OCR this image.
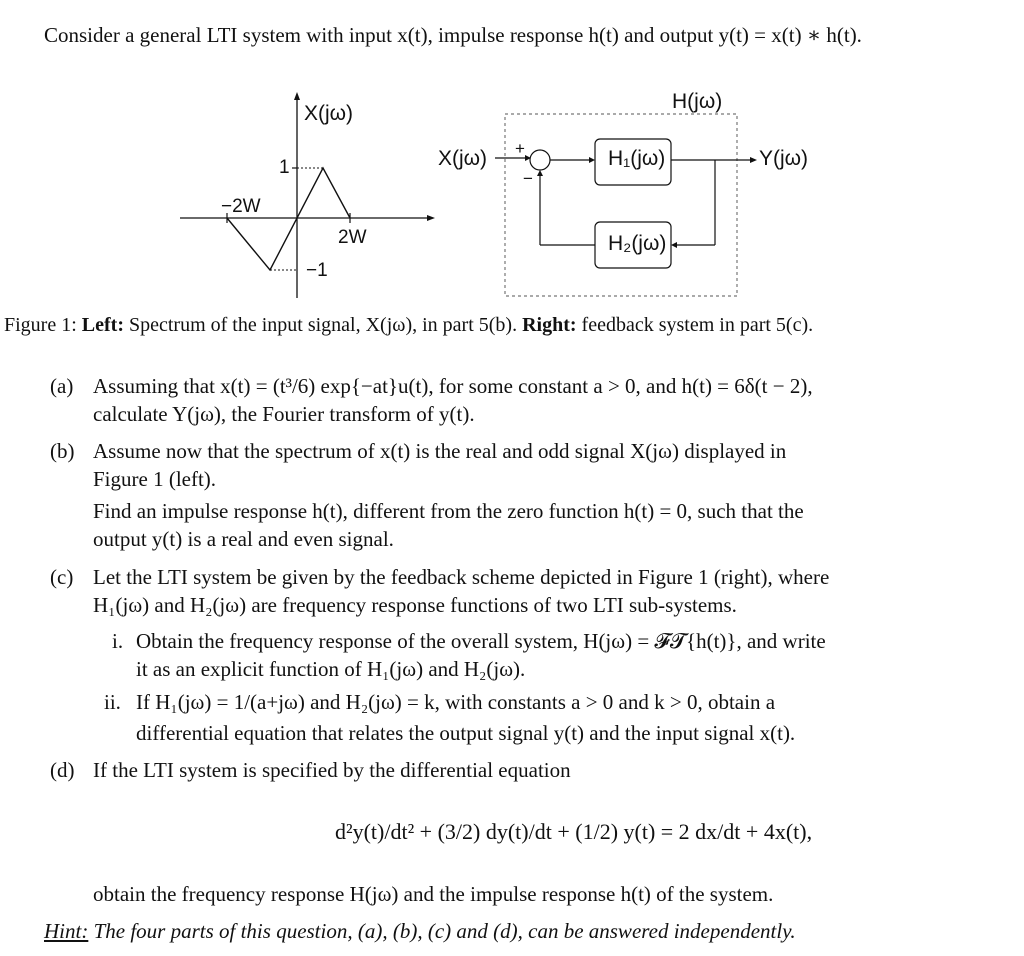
Consider a general LTI system with input x(t), impulse response h(t) and output y(t) = x(t) ∗ h(t).
X(jω)
1
−1
2W
−2W
H(jω)
X(jω)	Y(jω)
H₁(jω)
H₂(jω)
+
−
Figure 1: Left: Spectrum of the input signal, X(jω), in part 5(b). Right: feedback system in part 5(c).
(a) Assuming that x(t) = (t³/6) exp{−at}u(t), for some constant a > 0, and h(t) = 6δ(t − 2),
calculate Y(jω), the Fourier transform of y(t).
(b) Assume now that the spectrum of x(t) is the real and odd signal X(jω) displayed in
Figure 1 (left).
Find an impulse response h(t), different from the zero function h(t) = 0, such that the
output y(t) is a real and even signal.
(c) Let the LTI system be given by the feedback scheme depicted in Figure 1 (right), where
H₁(jω) and H₂(jω) are frequency response functions of two LTI sub-systems.
i. Obtain the frequency response of the overall system, H(jω) = 𝓕𝓣{h(t)}, and write
it as an explicit function of H₁(jω) and H₂(jω).
ii. If H₁(jω) = 1/(a+jω) and H₂(jω) = k, with constants a > 0 and k > 0, obtain a
differential equation that relates the output signal y(t) and the input signal x(t).
(d) If the LTI system is specified by the differential equation
d²y(t)/dt² + (3/2) dy(t)/dt + (1/2) y(t) = 2 dx/dt + 4x(t),
obtain the frequency response H(jω) and the impulse response h(t) of the system.
Hint: The four parts of this question, (a), (b), (c) and (d), can be answered independently.
